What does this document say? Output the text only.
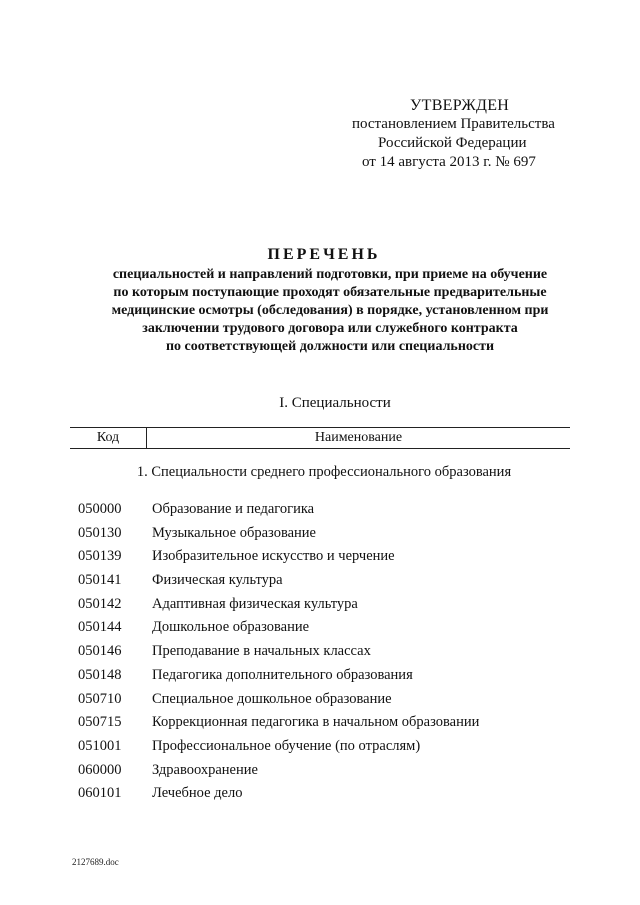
УТВЕРЖДЕН
постановлением Правительства
Российской Федерации
от 14 августа 2013 г. № 697
ПЕРЕЧЕНЬ
специальностей и направлений подготовки, при приеме на обучение
по которым поступающие проходят обязательные предварительные
медицинские осмотры (обследования) в порядке, установленном при
заключении трудового договора или служебного контракта
по соответствующей должности или специальности
I. Специальности
Код	Наименование
1. Специальности среднего профессионального образования
050000 Образование и педагогика
050130 Музыкальное образование
050139 Изобразительное искусство и черчение
050141 Физическая культура
050142 Адаптивная физическая культура
050144 Дошкольное образование
050146 Преподавание в начальных классах
050148 Педагогика дополнительного образования
050710 Специальное дошкольное образование
050715 Коррекционная педагогика в начальном образовании
051001 Профессиональное обучение (по отраслям)
060000 Здравоохранение
060101 Лечебное дело
2127689.doc
